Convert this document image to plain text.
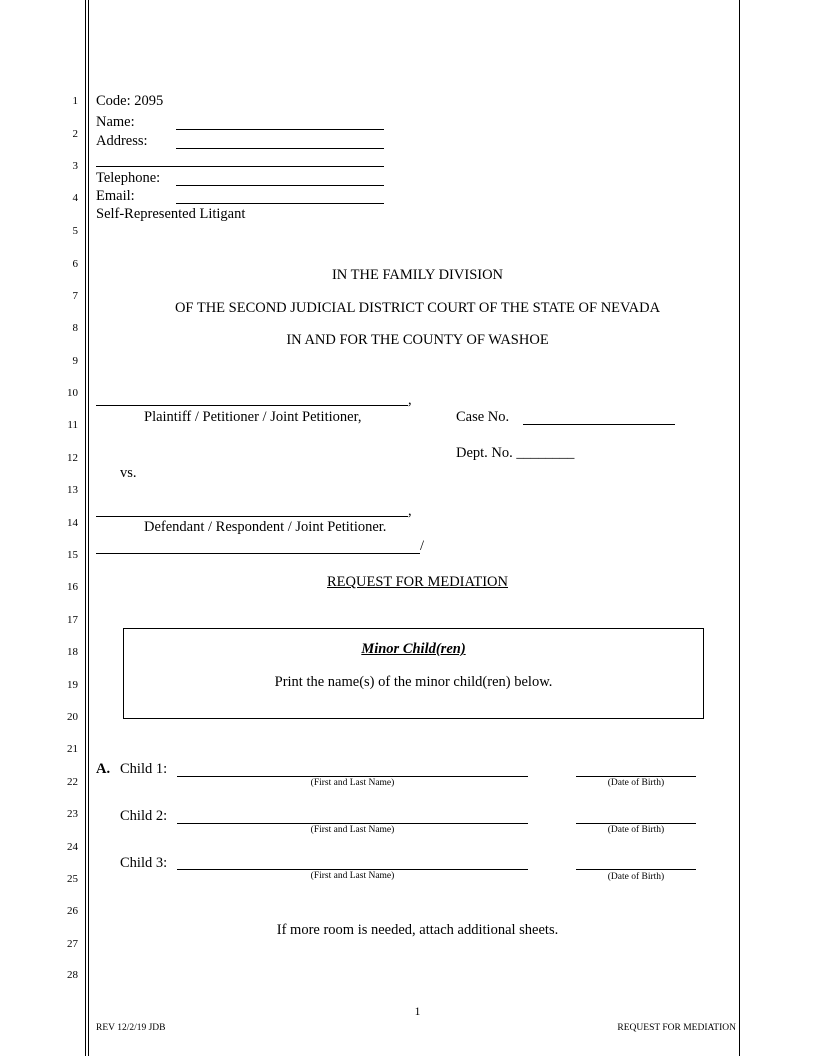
1
2
3
4
5
6
7
8
9
10
11
12
13
14
15
16
17
18
19
20
21
22
23
24
25
26
27
28
Code: 2095
Name:
Address:
Telephone:
Email:
Self-Represented Litigant
IN THE FAMILY DIVISION
OF THE SECOND JUDICIAL DISTRICT COURT OF THE STATE OF NEVADA
IN AND FOR THE COUNTY OF WASHOE
,
Plaintiff / Petitioner / Joint Petitioner,	Case No.
Dept. No. ________
vs.
,
Defendant / Respondent / Joint Petitioner.
/
REQUEST FOR MEDIATION
Minor Child(ren)
Print the name(s) of the minor child(ren) below.
A. Child 1:
(First and Last Name)	(Date of Birth)
Child 2:
(First and Last Name)	(Date of Birth)
Child 3:
(First and Last Name)	(Date of Birth)
If more room is needed, attach additional sheets.
1
REV 12/2/19 JDB	REQUEST FOR MEDIATION
